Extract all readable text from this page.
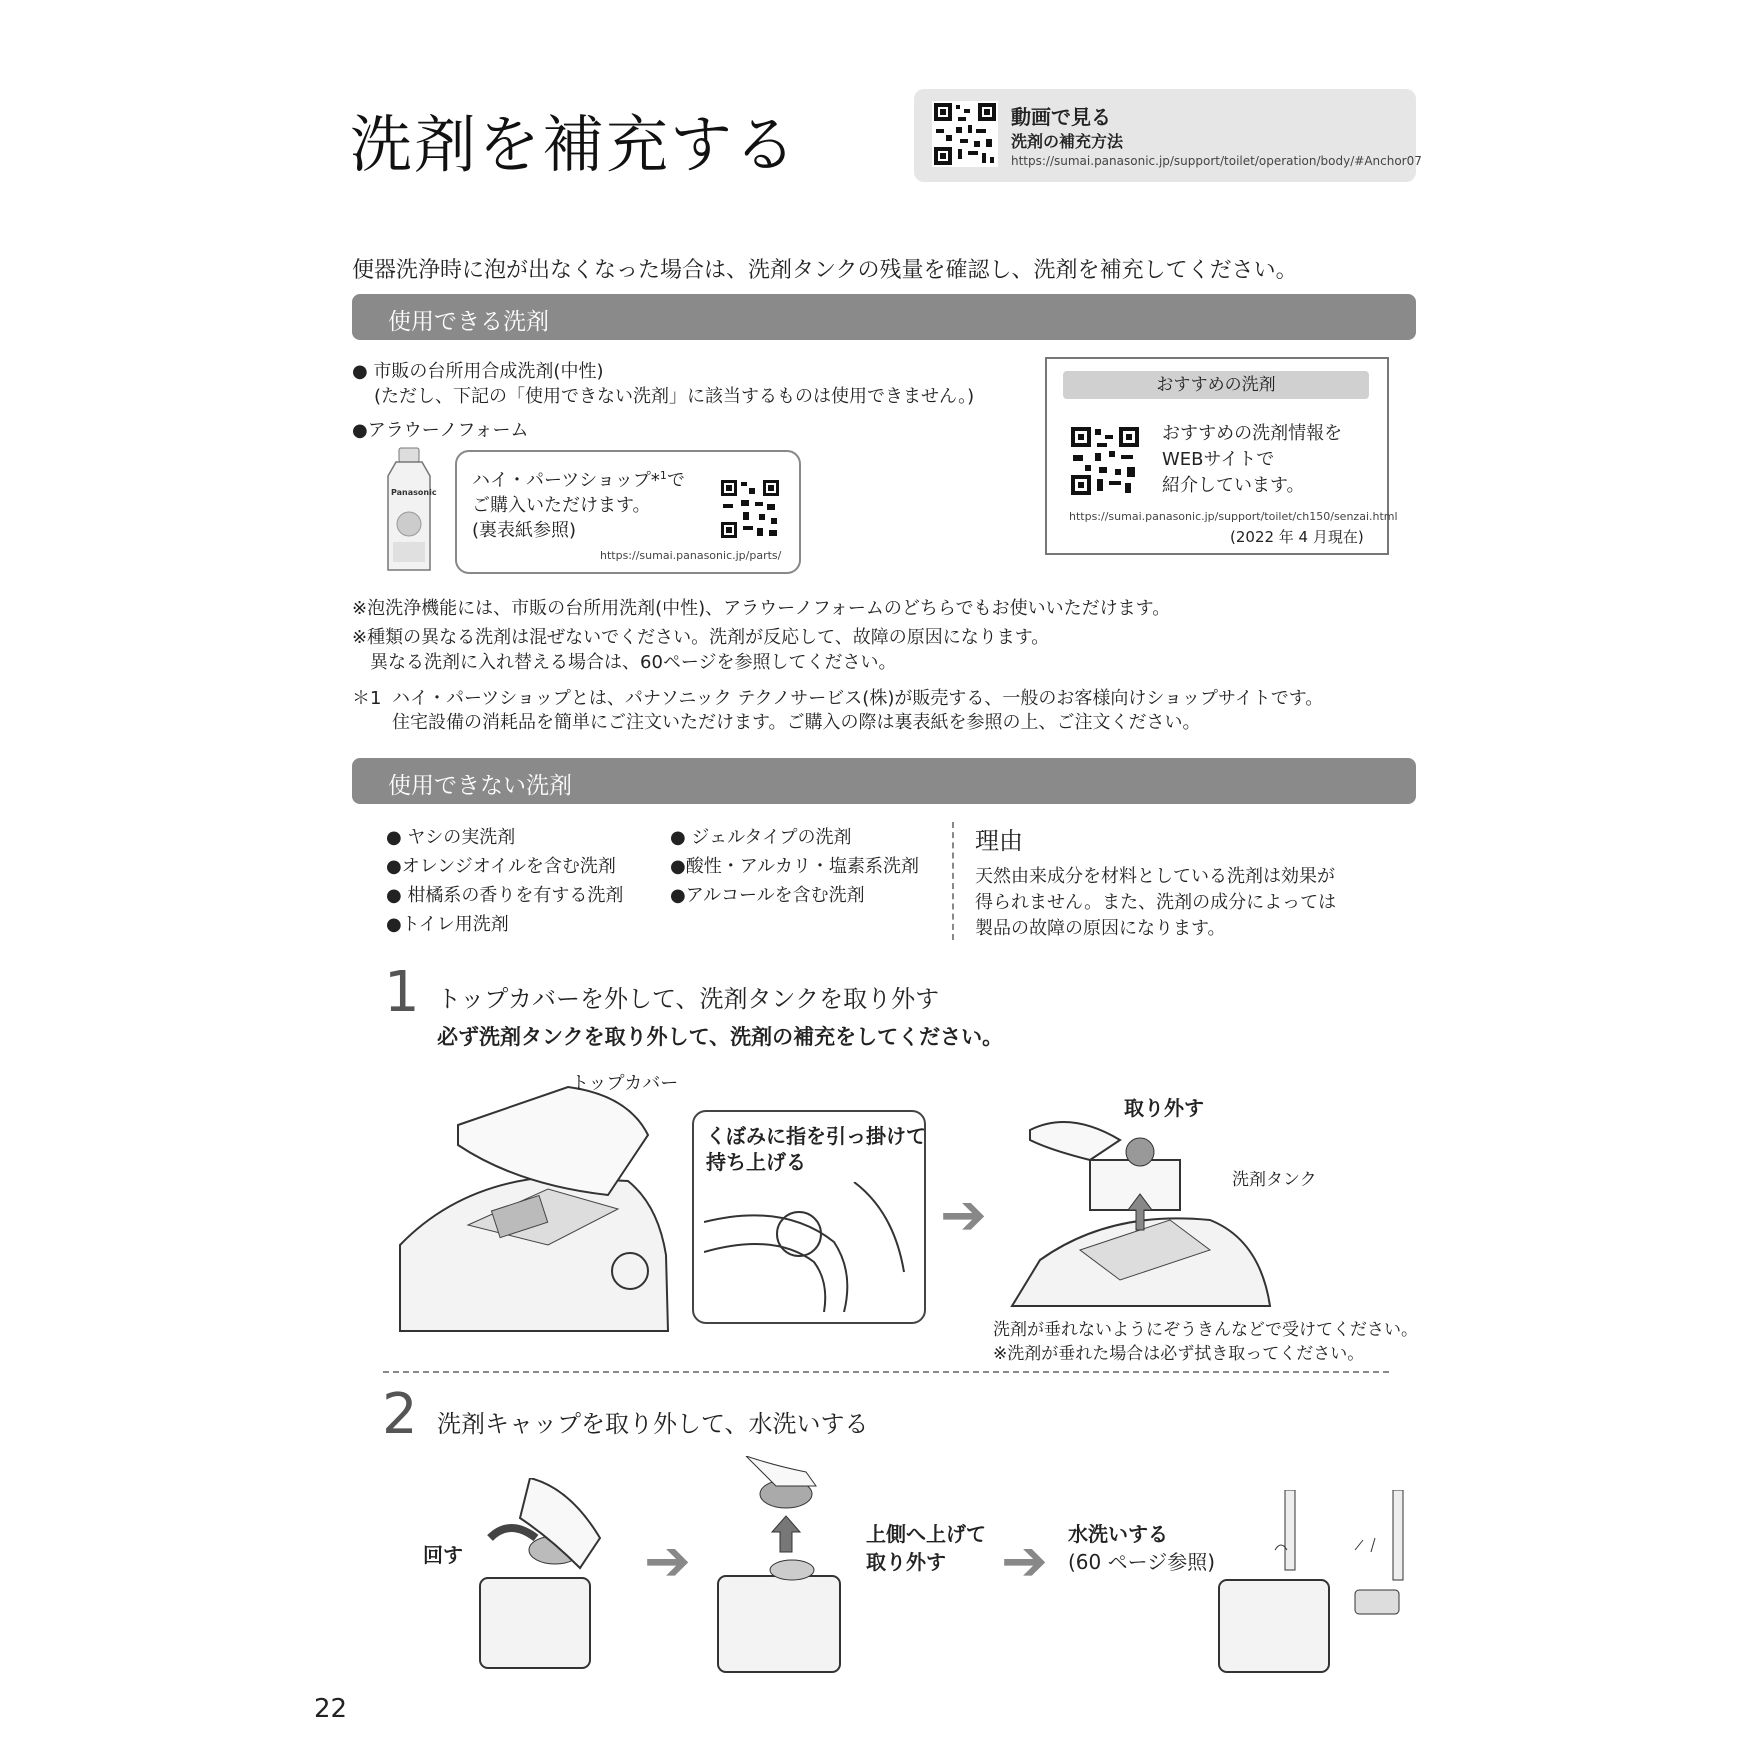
洗剤を補充する	動画で見る
洗剤の補充方法
https://sumai.panasonic.jp/support/toilet/operation/body/#Anchor07
便器洗浄時に泡が出なくなった場合は、洗剤タンクの残量を確認し、洗剤を補充してください。
使用できる洗剤
● 市販の台所用合成洗剤(中性)
(ただし、下記の「使用できない洗剤」に該当するものは使用できません。)
●アラウーノフォーム
Panasonic
ハイ・パーツショップ*$^1$で
ご購入いただけます。
(裏表紙参照)
https://sumai.panasonic.jp/parts/
おすすめの洗剤
おすすめの洗剤情報を
WEBサイトで
紹介しています。
https://sumai.panasonic.jp/support/toilet/ch150/senzai.html
(2022 年 4 月現在)
※泡洗浄機能には、市販の台所用洗剤(中性)、アラウーノフォームのどちらでもお使いいただけます。
※種類の異なる洗剤は混ぜないでください。洗剤が反応して、故障の原因になります。
異なる洗剤に入れ替える場合は、60ページを参照してください。
＊1 ハイ・パーツショップとは、パナソニック テクノサービス(株)が販売する、一般のお客様向けショップサイトです。
住宅設備の消耗品を簡単にご注文いただけます。ご購入の際は裏表紙を参照の上、ご注文ください。
使用できない洗剤
● ヤシの実洗剤
●オレンジオイルを含む洗剤
● 柑橘系の香りを有する洗剤
●トイレ用洗剤
● ジェルタイプの洗剤
●酸性・アルカリ・塩素系洗剤
●アルコールを含む洗剤
理由
天然由来成分を材料としている洗剤は効果が
得られません。また、洗剤の成分によっては
製品の故障の原因になります。
1 トップカバーを外して、洗剤タンクを取り外す
必ず洗剤タンクを取り外して、洗剤の補充をしてください。
トップカバー
くぼみに指を引っ掛けて
持ち上げる
➔
取り外す
洗剤タンク
洗剤が垂れないようにぞうきんなどで受けてください。
※洗剤が垂れた場合は必ず拭き取ってください。
2 洗剤キャップを取り外して、水洗いする
回す	➔	上側へ上げて
取り外す ➔ 水洗いする
(60 ページ参照)
22
